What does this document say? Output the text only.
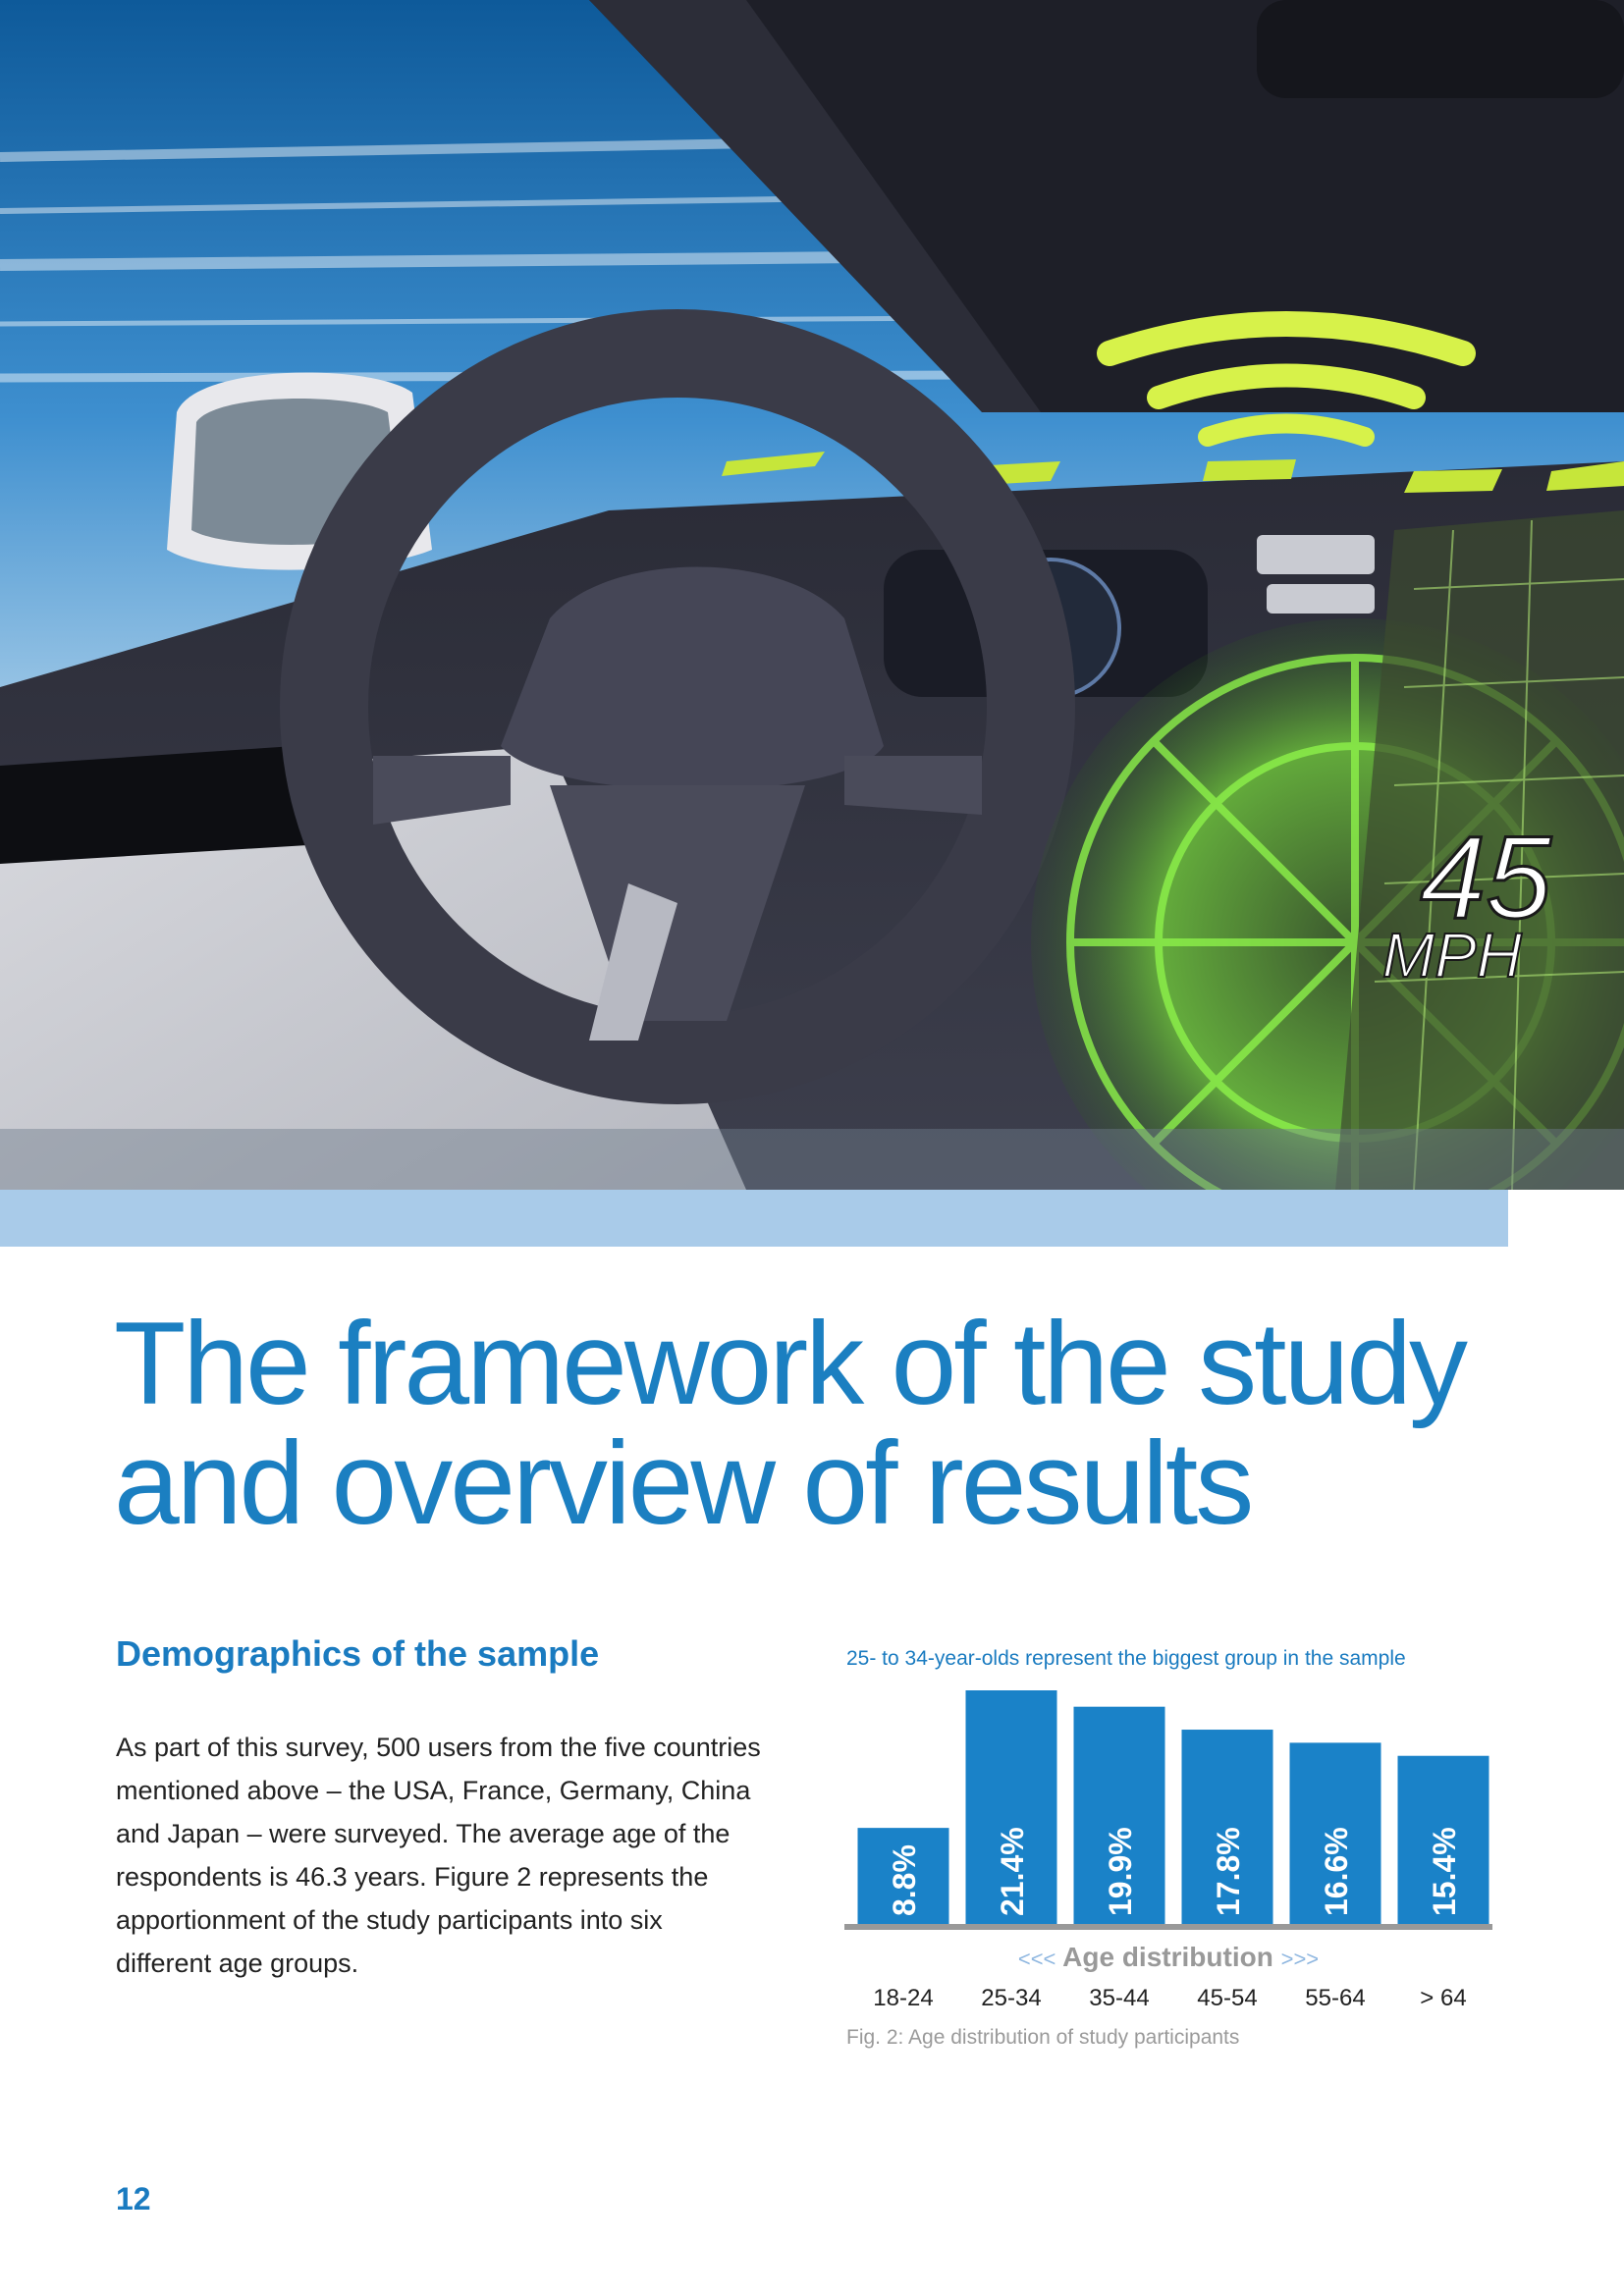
45
MPH
The framework of the study
and overview of results
Demographics of the sample

As part of this survey, 500 users from the five countries mentioned above – the USA, France, Germany, China and Japan – were surveyed. The average age of the respondents is 46.3 years. Figure 2 represents the apportionment of the study participants into six different age groups.

25- to 34-year-olds represent the biggest group in the sample
8.8% 21.4% 19.9% 17.8% 16.6% 15.4%
<<< Age distribution >>>
18-24 25-34 35-44 45-54 55-64 > 64
Fig. 2: Age distribution of study participants
12
